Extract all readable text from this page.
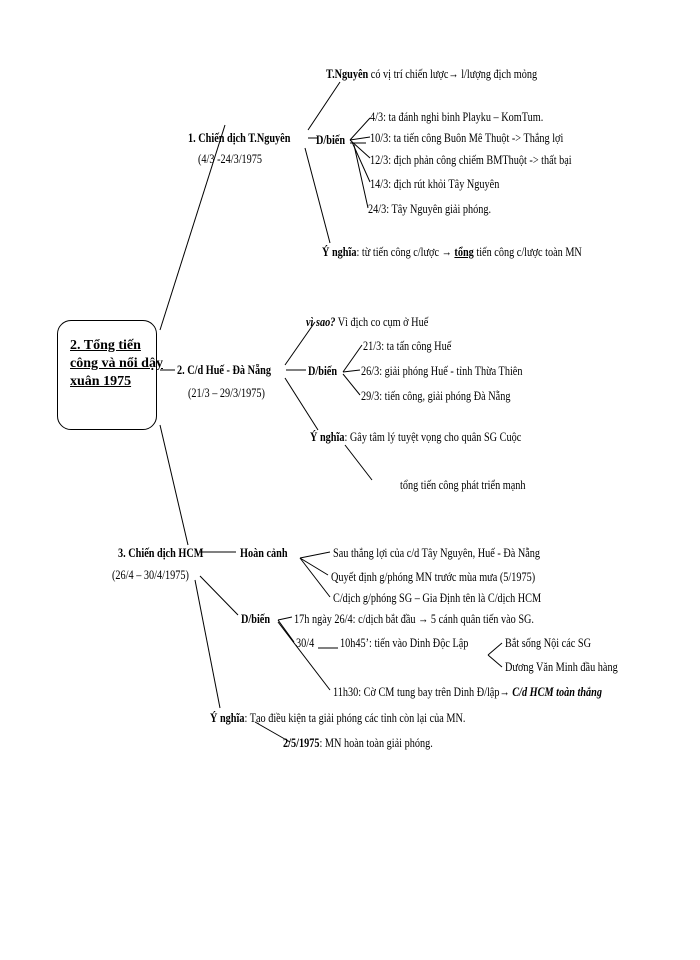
2. Tổng tiến
công và nổi dậy
xuân 1975
1. Chiến dịch T.Nguyên
(4/3 -24/3/1975
T.Nguyên có vị trí chiến lược→ l/lượng địch mỏng
D/biến
4/3: ta đánh nghi binh Playku – KomTum.
10/3: ta tiến công Buôn Mê Thuột -> Thắng lợi
12/3: địch phản công chiếm BMThuột -> thất bại
14/3: địch rút khỏi Tây Nguyên
24/3: Tây Nguyên giải phóng.
Ý nghĩa: từ tiến công c/lược → tổng tiến công c/lược toàn MN
2. C/d Huế - Đà Nẵng
(21/3 – 29/3/1975)
vì sao? Vì địch co cụm ở Huế
D/biến
21/3: ta tấn công Huế
26/3: giải phóng Huế - tỉnh Thừa Thiên
29/3: tiến công, giải phóng Đà Nẵng
Ý nghĩa: Gây tâm lý tuyệt vọng cho quân SG Cuộc
tổng tiến công phát triển mạnh
3. Chiến dịch HCM
(26/4 – 30/4/1975)
Hoàn cảnh	Sau thắng lợi của c/d Tây Nguyên, Huế - Đà Nẵng
Quyết định g/phóng MN trước mùa mưa (5/1975)
C/dịch g/phóng SG – Gia Định tên là C/dịch HCM
D/biến	17h ngày 26/4: c/dịch bắt đầu → 5 cánh quân tiến vào SG.
30/4	10h45’: tiến vào Dinh Độc Lập	Bắt sống Nội các SG
Dương Văn Minh đầu hàng
11h30: Cờ CM tung bay trên Dinh Đ/lập→ C/d HCM toàn thắng
Ý nghĩa: Tạo điều kiện ta giải phóng các tỉnh còn lại của MN.
2/5/1975: MN hoàn toàn giải phóng.
